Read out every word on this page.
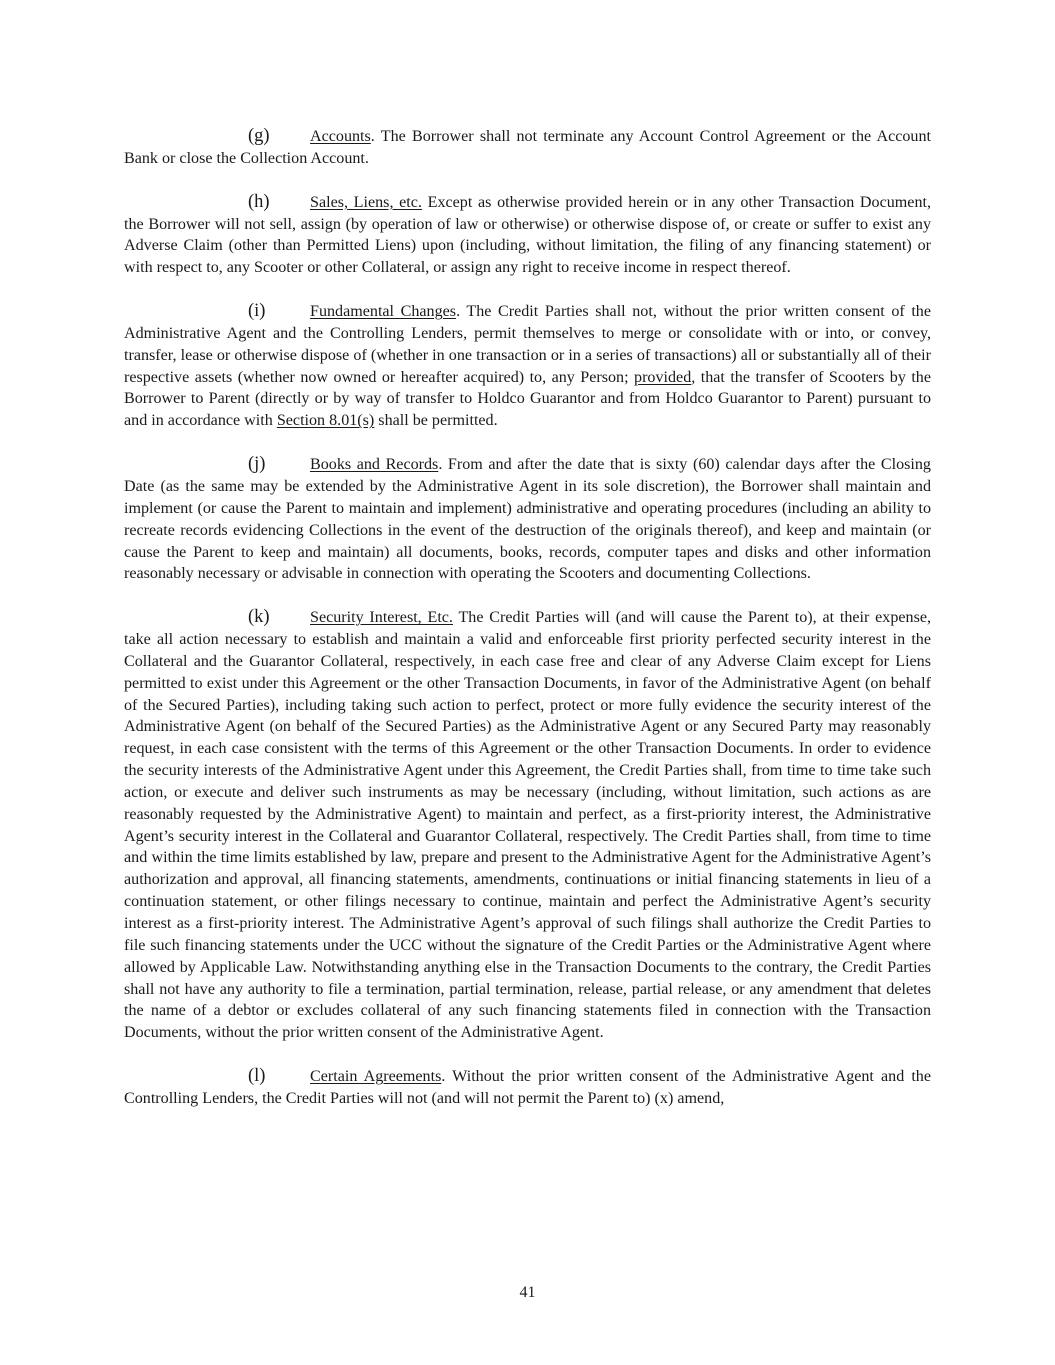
(g)	Accounts. The Borrower shall not terminate any Account Control Agreement or the Account Bank or close the Collection Account.

(h)	Sales, Liens, etc. Except as otherwise provided herein or in any other Transaction Document, the Borrower will not sell, assign (by operation of law or otherwise) or otherwise dispose of, or create or suffer to exist any Adverse Claim (other than Permitted Liens) upon (including, without limitation, the filing of any financing statement) or with respect to, any Scooter or other Collateral, or assign any right to receive income in respect thereof.

(i)	Fundamental Changes. The Credit Parties shall not, without the prior written consent of the Administrative Agent and the Controlling Lenders, permit themselves to merge or consolidate with or into, or convey, transfer, lease or otherwise dispose of (whether in one transaction or in a series of transactions) all or substantially all of their respective assets (whether now owned or hereafter acquired) to, any Person; provided, that the transfer of Scooters by the Borrower to Parent (directly or by way of transfer to Holdco Guarantor and from Holdco Guarantor to Parent) pursuant to and in accordance with Section 8.01(s) shall be permitted.

(j)	Books and Records. From and after the date that is sixty (60) calendar days after the Closing Date (as the same may be extended by the Administrative Agent in its sole discretion), the Borrower shall maintain and implement (or cause the Parent to maintain and implement) administrative and operating procedures (including an ability to recreate records evidencing Collections in the event of the destruction of the originals thereof), and keep and maintain (or cause the Parent to keep and maintain) all documents, books, records, computer tapes and disks and other information reasonably necessary or advisable in connection with operating the Scooters and documenting Collections.

(k)	Security Interest, Etc. The Credit Parties will (and will cause the Parent to), at their expense, take all action necessary to establish and maintain a valid and enforceable first priority perfected security interest in the Collateral and the Guarantor Collateral, respectively, in each case free and clear of any Adverse Claim except for Liens permitted to exist under this Agreement or the other Transaction Documents, in favor of the Administrative Agent (on behalf of the Secured Parties), including taking such action to perfect, protect or more fully evidence the security interest of the Administrative Agent (on behalf of the Secured Parties) as the Administrative Agent or any Secured Party may reasonably request, in each case consistent with the terms of this Agreement or the other Transaction Documents. In order to evidence the security interests of the Administrative Agent under this Agreement, the Credit Parties shall, from time to time take such action, or execute and deliver such instruments as may be necessary (including, without limitation, such actions as are reasonably requested by the Administrative Agent) to maintain and perfect, as a first-priority interest, the Administrative Agent’s security interest in the Collateral and Guarantor Collateral, respectively. The Credit Parties shall, from time to time and within the time limits established by law, prepare and present to the Administrative Agent for the Administrative Agent’s authorization and approval, all financing statements, amendments, continuations or initial financing statements in lieu of a continuation statement, or other filings necessary to continue, maintain and perfect the Administrative Agent’s security interest as a first-priority interest. The Administrative Agent’s approval of such filings shall authorize the Credit Parties to file such financing statements under the UCC without the signature of the Credit Parties or the Administrative Agent where allowed by Applicable Law. Notwithstanding anything else in the Transaction Documents to the contrary, the Credit Parties shall not have any authority to file a termination, partial termination, release, partial release, or any amendment that deletes the name of a debtor or excludes collateral of any such financing statements filed in connection with the Transaction Documents, without the prior written consent of the Administrative Agent.

(l)	Certain Agreements. Without the prior written consent of the Administrative Agent and the Controlling Lenders, the Credit Parties will not (and will not permit the Parent to) (x) amend,

41
